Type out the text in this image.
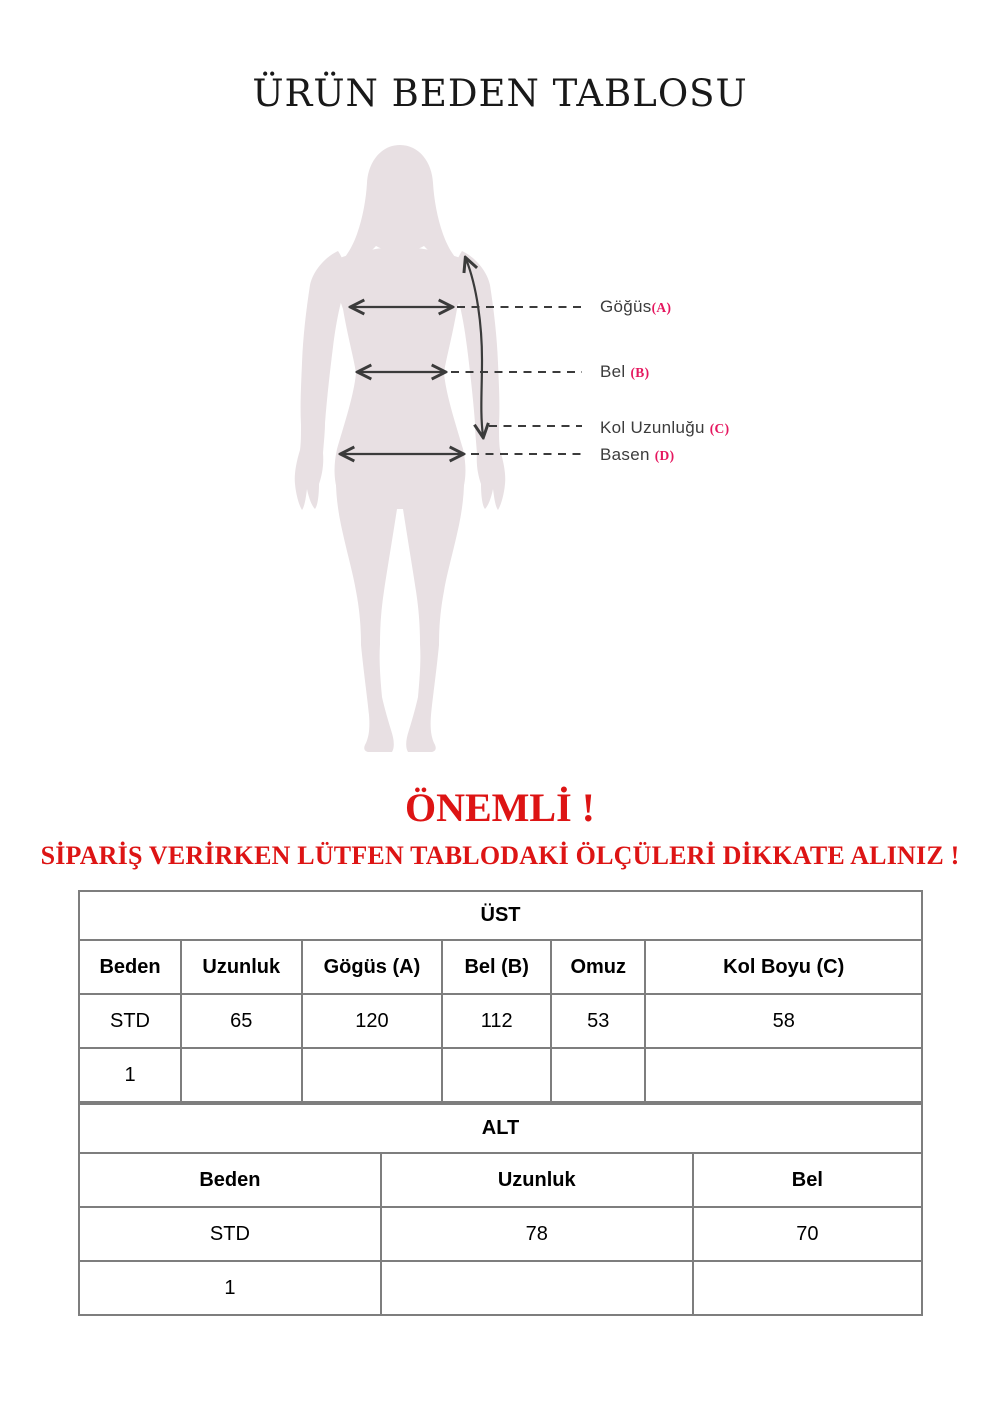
ÜRÜN BEDEN TABLOSU
Göğüs(A)
Bel (B)
Kol Uzunluğu (C)
Basen (D)
ÖNEMLİ !
SİPARİŞ VERİRKEN LÜTFEN TABLODAKİ ÖLÇÜLERİ DİKKATE ALINIZ !
ÜST					
Beden	Uzunluk	Gögüs (A)	Bel (B)	Omuz	Kol Boyu (C)
STD	65	120	112	53	58
1					
ALT		
Beden	Uzunluk	Bel
STD	78	70
1		
